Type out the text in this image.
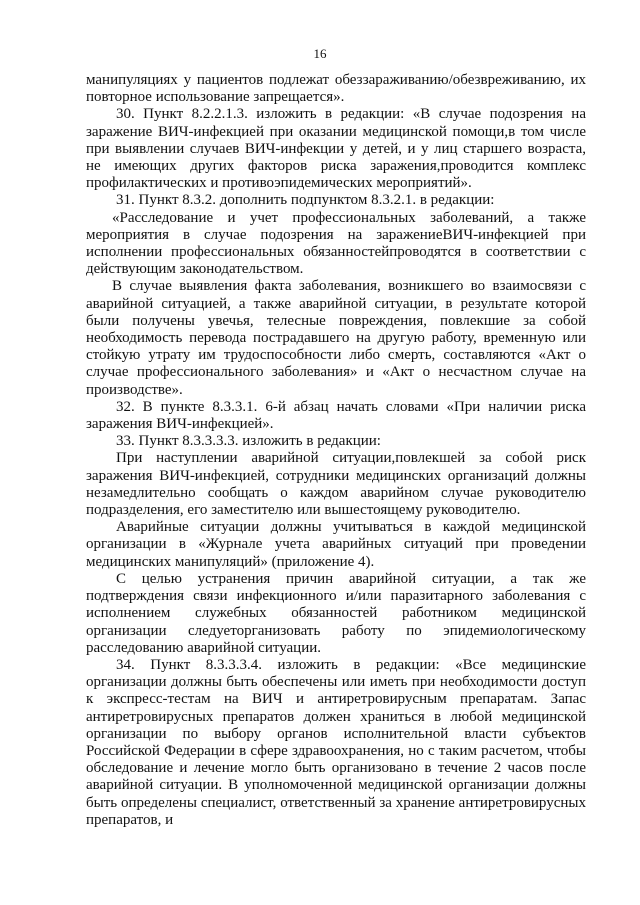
16

манипуляциях у пациентов подлежат обеззараживанию/обезвреживанию, их повторное использование запрещается».

30. Пункт 8.2.2.1.3. изложить в редакции: «В случае подозрения на заражение ВИЧ-инфекцией при оказании медицинской помощи,в том числе при выявлении случаев ВИЧ-инфекции у детей, и у лиц старшего возраста, не имеющих других факторов риска заражения,проводится комплекс профилактических и противоэпидемических мероприятий».

31. Пункт 8.3.2. дополнить подпунктом 8.3.2.1. в редакции:

«Расследование и учет профессиональных заболеваний, а также мероприятия в случае подозрения на заражениеВИЧ-инфекцией при исполнении профессиональных обязанностейпроводятся в соответствии с действующим законодательством.

В случае выявления факта заболевания, возникшего во взаимосвязи с аварийной ситуацией, а также аварийной ситуации, в результате которой были получены увечья, телесные повреждения, повлекшие за собой необходимость перевода пострадавшего на другую работу, временную или стойкую утрату им трудоспособности либо смерть, составляются «Акт о случае профессионального заболевания» и «Акт о несчастном случае на производстве».

32. В пункте 8.3.3.1. 6-й абзац начать словами «При наличии риска заражения ВИЧ-инфекцией».

33. Пункт 8.3.3.3.3. изложить в редакции:

При наступлении аварийной ситуации,повлекшей за собой риск заражения ВИЧ-инфекцией, сотрудники медицинских организаций должны незамедлительно сообщать о каждом аварийном случае руководителю подразделения, его заместителю или вышестоящему руководителю.

Аварийные ситуации должны учитываться в каждой медицинской организации в «Журнале учета аварийных ситуаций при проведении медицинских манипуляций» (приложение 4).

С целью устранения причин аварийной ситуации, а так же подтверждения связи инфекционного и/или паразитарного заболевания с исполнением служебных обязанностей работником медицинской организации следуеторганизовать работу по эпидемиологическому расследованию аварийной ситуации.

34. Пункт 8.3.3.3.4. изложить в редакции: «Все медицинские организации должны быть обеспечены или иметь при необходимости доступ к экспресс-тестам на ВИЧ и антиретровирусным препаратам. Запас антиретровирусных препаратов должен храниться в любой медицинской организации по выбору органов исполнительной власти субъектов Российской Федерации в сфере здравоохранения, но с таким расчетом, чтобы обследование и лечение могло быть организовано в течение 2 часов после аварийной ситуации. В уполномоченной медицинской организации должны быть определены специалист, ответственный за хранение антиретровирусных препаратов, и
